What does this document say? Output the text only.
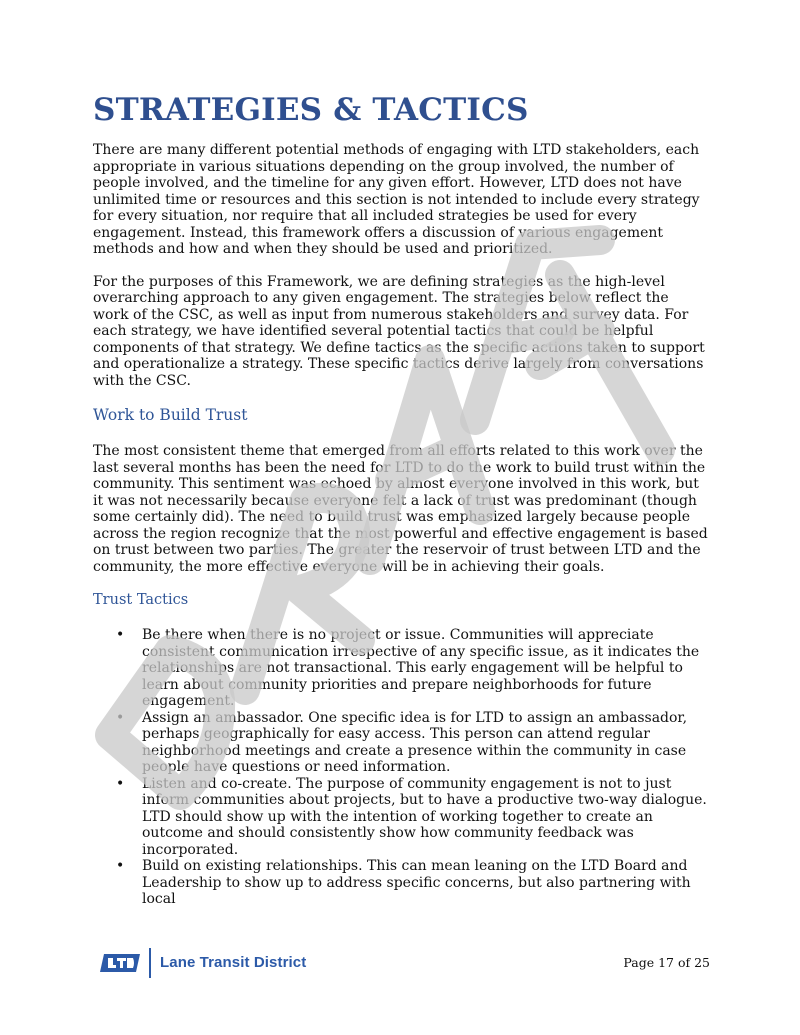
STRATEGIES & TACTICS

There are many different potential methods of engaging with LTD stakeholders, each appropriate in various situations depending on the group involved, the number of people involved, and the timeline for any given effort. However, LTD does not have unlimited time or resources and this section is not intended to include every strategy for every situation, nor require that all included strategies be used for every engagement. Instead, this framework offers a discussion of various engagement methods and how and when they should be used and prioritized.

For the purposes of this Framework, we are defining strategies as the high-level overarching approach to any given engagement. The strategies below reflect the work of the CSC, as well as input from numerous stakeholders and survey data. For each strategy, we have identified several potential tactics that could be helpful components of that strategy. We define tactics as the specific actions taken to support and operationalize a strategy. These specific tactics derive largely from conversations with the CSC.

Work to Build Trust

The most consistent theme that emerged from all efforts related to this work over the last several months has been the need for LTD to do the work to build trust within the community. This sentiment was echoed by almost everyone involved in this work, but it was not necessarily because everyone felt a lack of trust was predominant (though some certainly did). The need to build trust was emphasized largely because people across the region recognize that the most powerful and effective engagement is based on trust between two parties. The greater the reservoir of trust between LTD and the community, the more effective everyone will be in achieving their goals.

Trust Tactics
• Be there when there is no project or issue. Communities will appreciate consistent communication irrespective of any specific issue, as it indicates the relationships are not transactional. This early engagement will be helpful to learn about community priorities and prepare neighborhoods for future engagement.
• Assign an ambassador. One specific idea is for LTD to assign an ambassador, perhaps geographically for easy access. This person can attend regular neighborhood meetings and create a presence within the community in case people have questions or need information.
• Listen and co-create. The purpose of community engagement is not to just inform communities about projects, but to have a productive two-way dialogue. LTD should show up with the intention of working together to create an outcome and should consistently show how community feedback was incorporated.
• Build on existing relationships. This can mean leaning on the LTD Board and Leadership to show up to address specific concerns, but also partnering with local
Lane Transit District	Page 17 of 25
